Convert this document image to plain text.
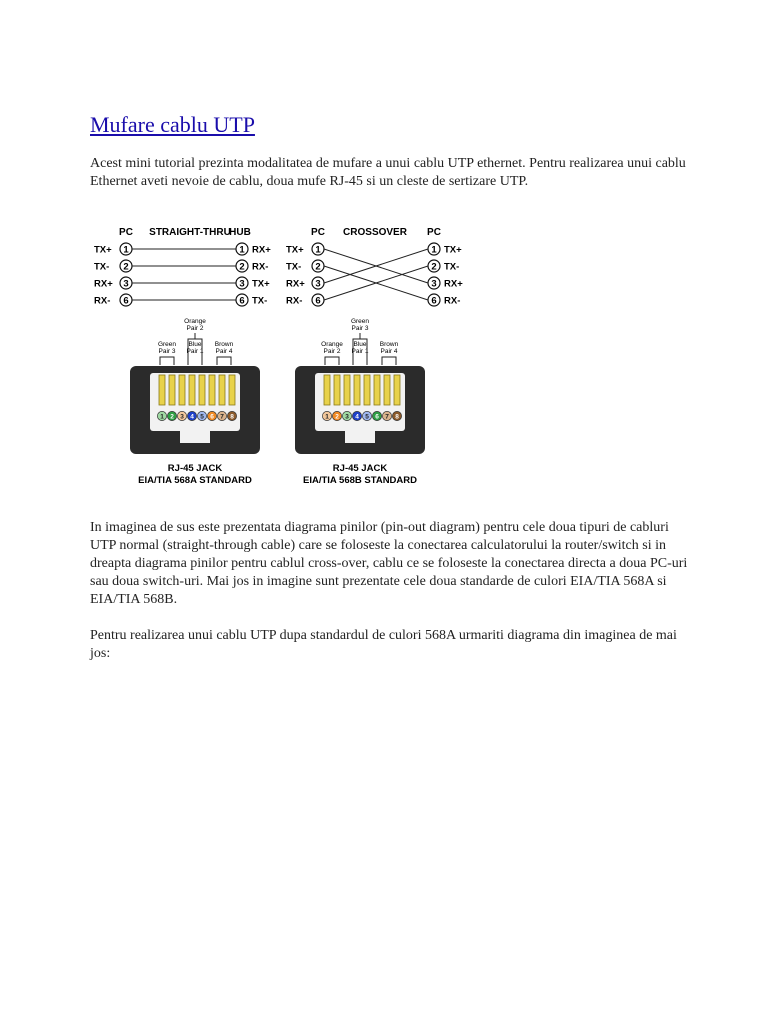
Mufare cablu UTP

Acest mini tutorial prezinta modalitatea de mufare a unui cablu UTP ethernet. Pentru realizarea unui cablu Ethernet aveti nevoie de cablu, doua mufe RJ-45 si un cleste de sertizare UTP.

PC STRAIGHT-THRU
HUB
TX+ 1	1 RX+
TX- 2	2 RX-
RX+ 3	3 TX+
RX- 6	6 TX-
PC CROSSOVER PC
TX+ 1	1 TX+
TX- 2	2 TX-
RX+ 3	3 RX+
RX- 6	6 RX-
Orange
Pair 2
Green
Pair 3
Blue
Pair 1
Brown
Pair 4
1 2 3 4 5 6 7 8
RJ-45 JACK
EIA/TIA 568A STANDARD
Green
Pair 3
Orange
Pair 2
Blue
Pair 1
Brown
Pair 4
1 2 3 4 5 6 7 8
RJ-45 JACK
EIA/TIA 568B STANDARD

In imaginea de sus este prezentata diagrama pinilor (pin-out diagram) pentru cele doua tipuri de cabluri UTP normal (straight-through cable) care se foloseste la conectarea calculatorului la router/switch si in dreapta diagrama pinilor pentru cablul cross-over, cablu ce se foloseste la conectarea directa a doua PC-uri sau doua switch-uri. Mai jos in imagine sunt prezentate cele doua standarde de culori EIA/TIA 568A si EIA/TIA 568B.

Pentru realizarea unui cablu UTP dupa standardul de culori 568A urmariti diagrama din imaginea de mai jos:
